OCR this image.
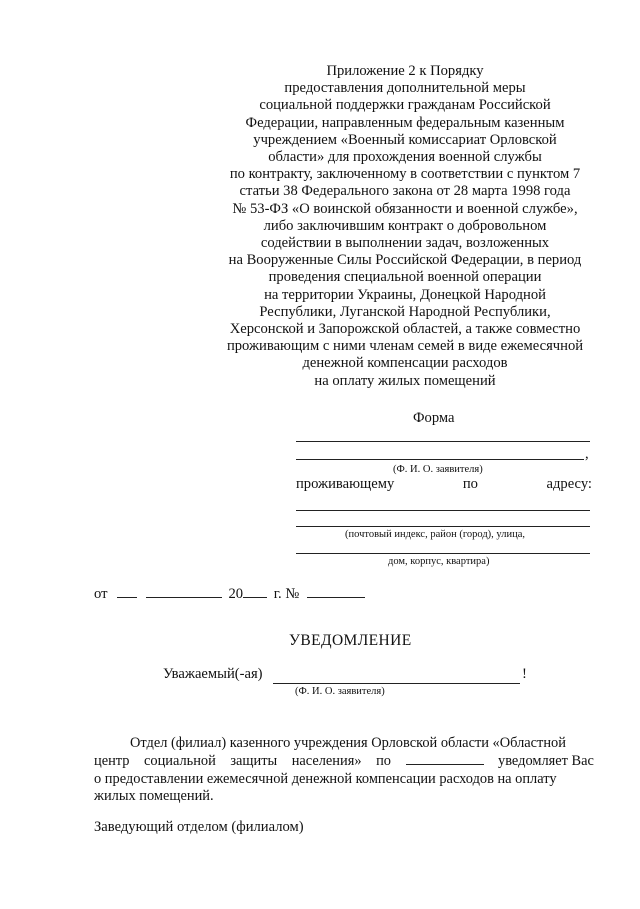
Приложение 2 к Порядку
предоставления дополнительной меры
социальной поддержки гражданам Российской
Федерации, направленным федеральным казенным
учреждением «Военный комиссариат Орловской
области» для прохождения военной службы
по контракту, заключенному в соответствии с пунктом 7
статьи 38 Федерального закона от 28 марта 1998 года
№ 53-ФЗ «О воинской обязанности и военной службе»,
либо заключившим контракт о добровольном
содействии в выполнении задач, возложенных
на Вооруженные Силы Российской Федерации, в период
проведения специальной военной операции
на территории Украины, Донецкой Народной
Республики, Луганской Народной Республики,
Херсонской и Запорожской областей, а также совместно
проживающим с ними членам семей в виде ежемесячной
денежной компенсации расходов
на оплату жилых помещений
Форма
,
(Ф. И. О. заявителя)
проживающему	по	адресу:
(почтовый индекс, район (город), улица,
дом, корпус, квартира)
от	20 г. №
УВЕДОМЛЕНИЕ
Уважаемый(-ая)	!
(Ф. И. О. заявителя)
Отдел (филиал) казенного учреждения Орловской области «Областной
центр социальной защиты населения» по	уведомляет Вас
о предоставлении ежемесячной денежной компенсации расходов на оплату
жилых помещений.
Заведующий отделом (филиалом)
